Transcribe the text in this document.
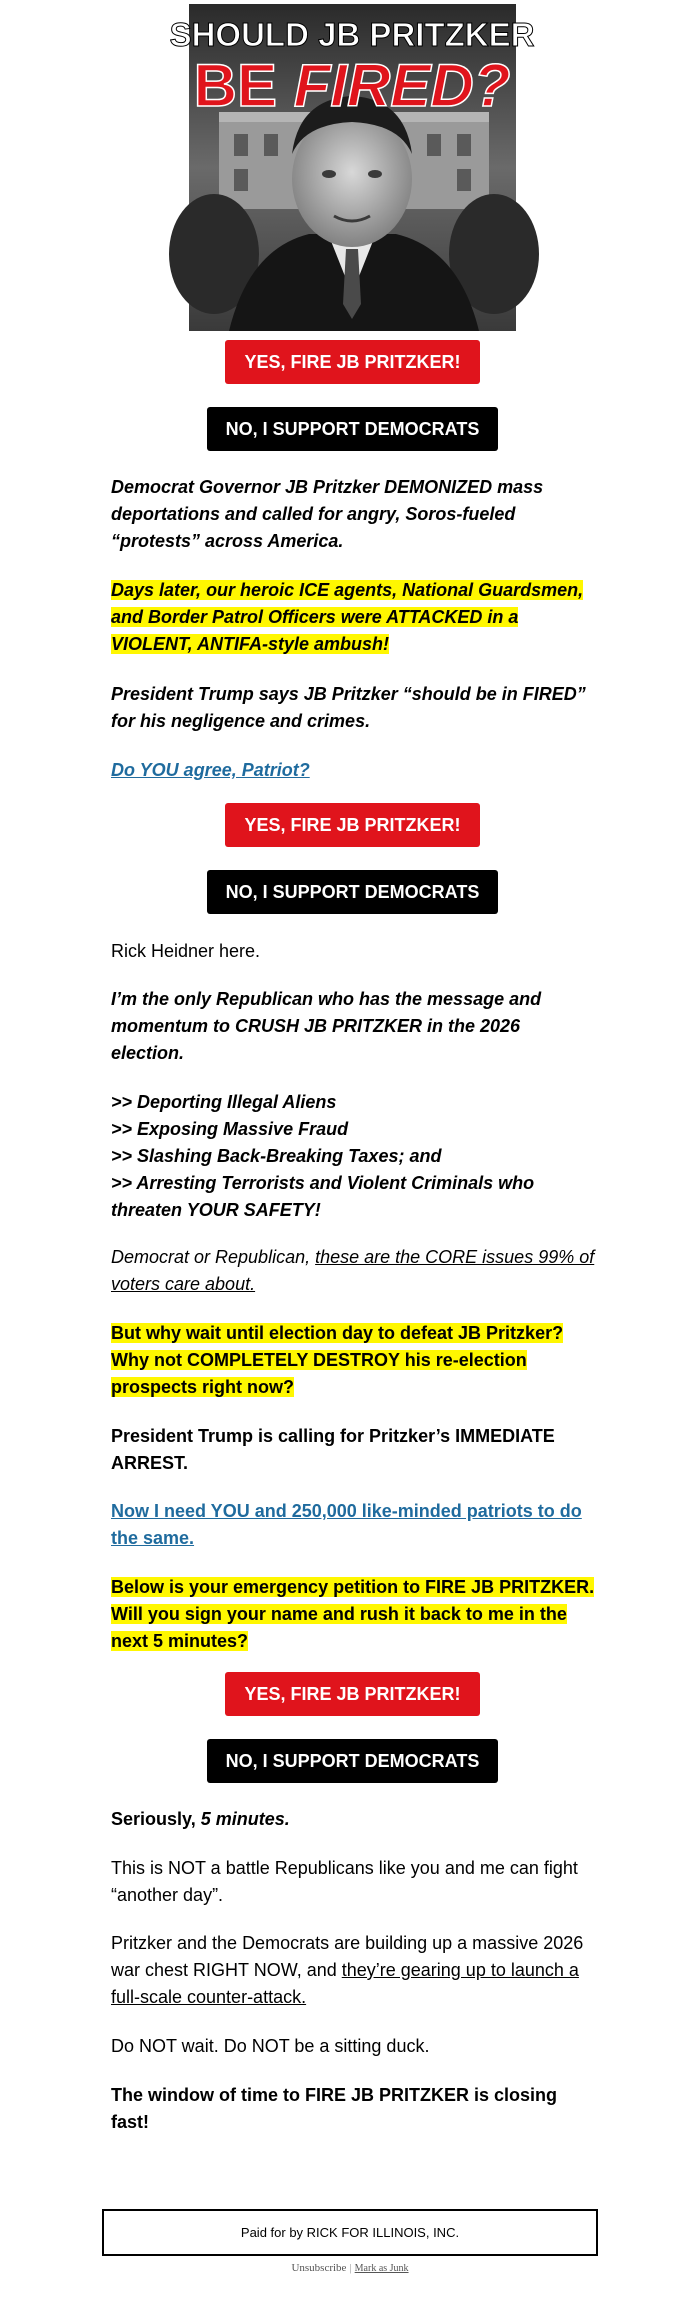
SHOULD JB PRITZKER
BE FIRED?
YES, FIRE JB PRITZKER!
NO, I SUPPORT DEMOCRATS

Democrat Governor JB Pritzker DEMONIZED mass deportations and called for angry, Soros-fueled “protests” across America.

Days later, our heroic ICE agents, National Guardsmen, and Border Patrol Officers were ATTACKED in a VIOLENT, ANTIFA-style ambush!

President Trump says JB Pritzker “should be in FIRED” for his negligence and crimes.

Do YOU agree, Patriot?

YES, FIRE JB PRITZKER!
NO, I SUPPORT DEMOCRATS

Rick Heidner here.

I’m the only Republican who has the message and momentum to CRUSH JB PRITZKER in the 2026 election.

>> Deporting Illegal Aliens
>> Exposing Massive Fraud
>> Slashing Back-Breaking Taxes; and
>> Arresting Terrorists and Violent Criminals who threaten YOUR SAFETY!

Democrat or Republican, these are the CORE issues 99% of voters care about.

But why wait until election day to defeat JB Pritzker? Why not COMPLETELY DESTROY his re-election prospects right now?

President Trump is calling for Pritzker’s IMMEDIATE ARREST.

Now I need YOU and 250,000 like-minded patriots to do the same.

Below is your emergency petition to FIRE JB PRITZKER. Will you sign your name and rush it back to me in the next 5 minutes?

YES, FIRE JB PRITZKER!
NO, I SUPPORT DEMOCRATS

Seriously, 5 minutes.

This is NOT a battle Republicans like you and me can fight “another day”.

Pritzker and the Democrats are building up a massive 2026 war chest RIGHT NOW, and they’re gearing up to launch a full-scale counter-attack.

Do NOT wait. Do NOT be a sitting duck.

The window of time to FIRE JB PRITZKER is closing fast!

Paid for by RICK FOR ILLINOIS, INC.
Unsubscribe | Mark as Junk
